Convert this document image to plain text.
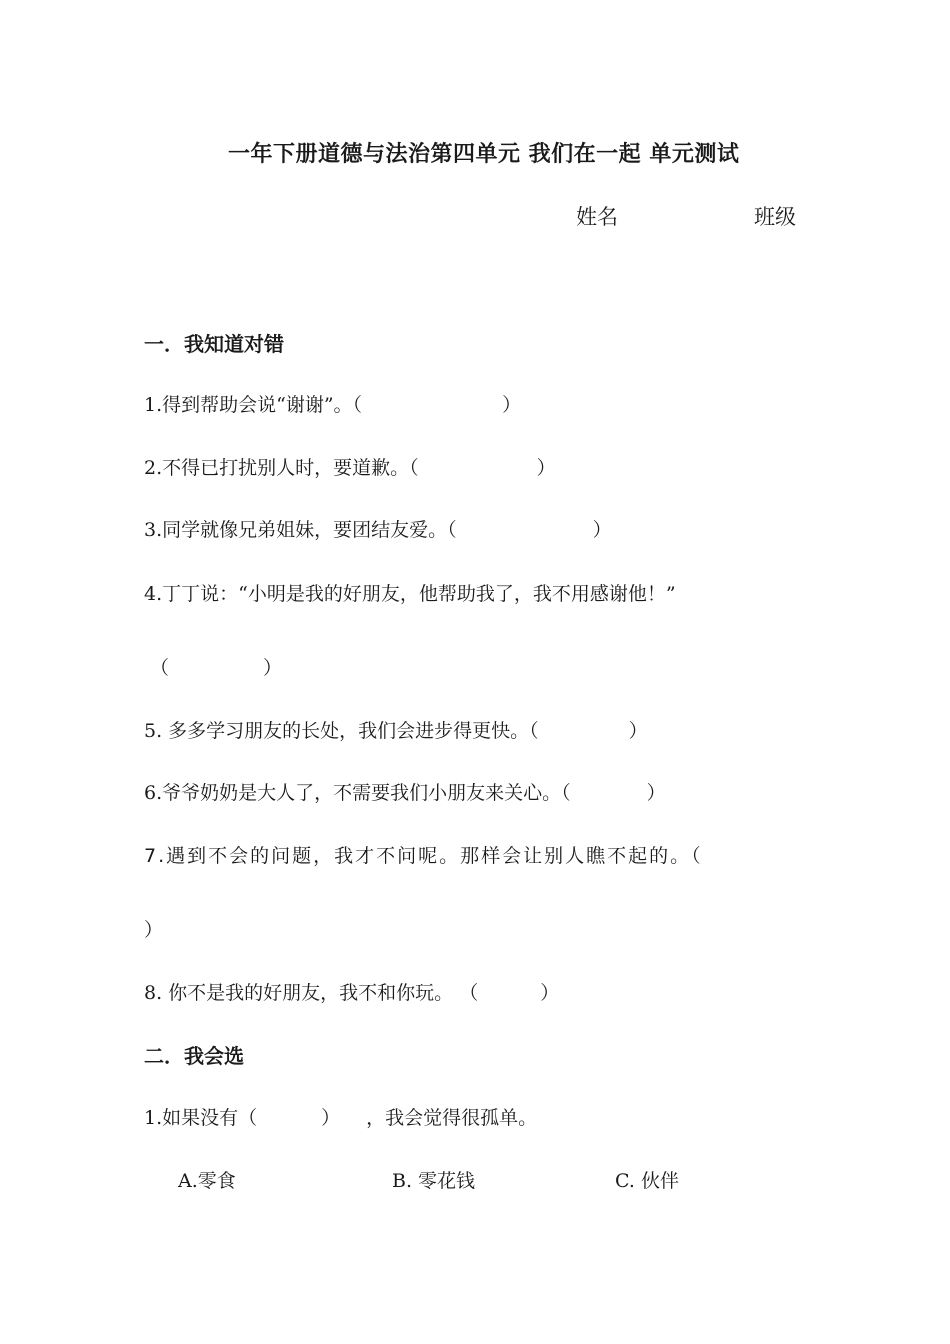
一年下册道德与法治第四单元 我们在一起 单元测试
姓名	班级
一．我知道对错
1.得到帮助会说“谢谢”。（	）
2.不得已打扰别人时，要道歉。（	）
3.同学就像兄弟姐妹，要团结友爱。（	）
4.丁丁说：“小明是我的好朋友，他帮助我了，我不用感谢他！”
（	）
5. 多多学习朋友的长处，我们会进步得更快。（	）
6.爷爷奶奶是大人了，不需要我们小朋友来关心。（	）
7.遇到不会的问题，我才不问呢。那样会让别人瞧不起的。（
）
8. 你不是我的好朋友，我不和你玩。 （	）
二．我会选
1.如果没有（	） ，我会觉得很孤单。
A.零食	B. 零花钱	C. 伙伴
